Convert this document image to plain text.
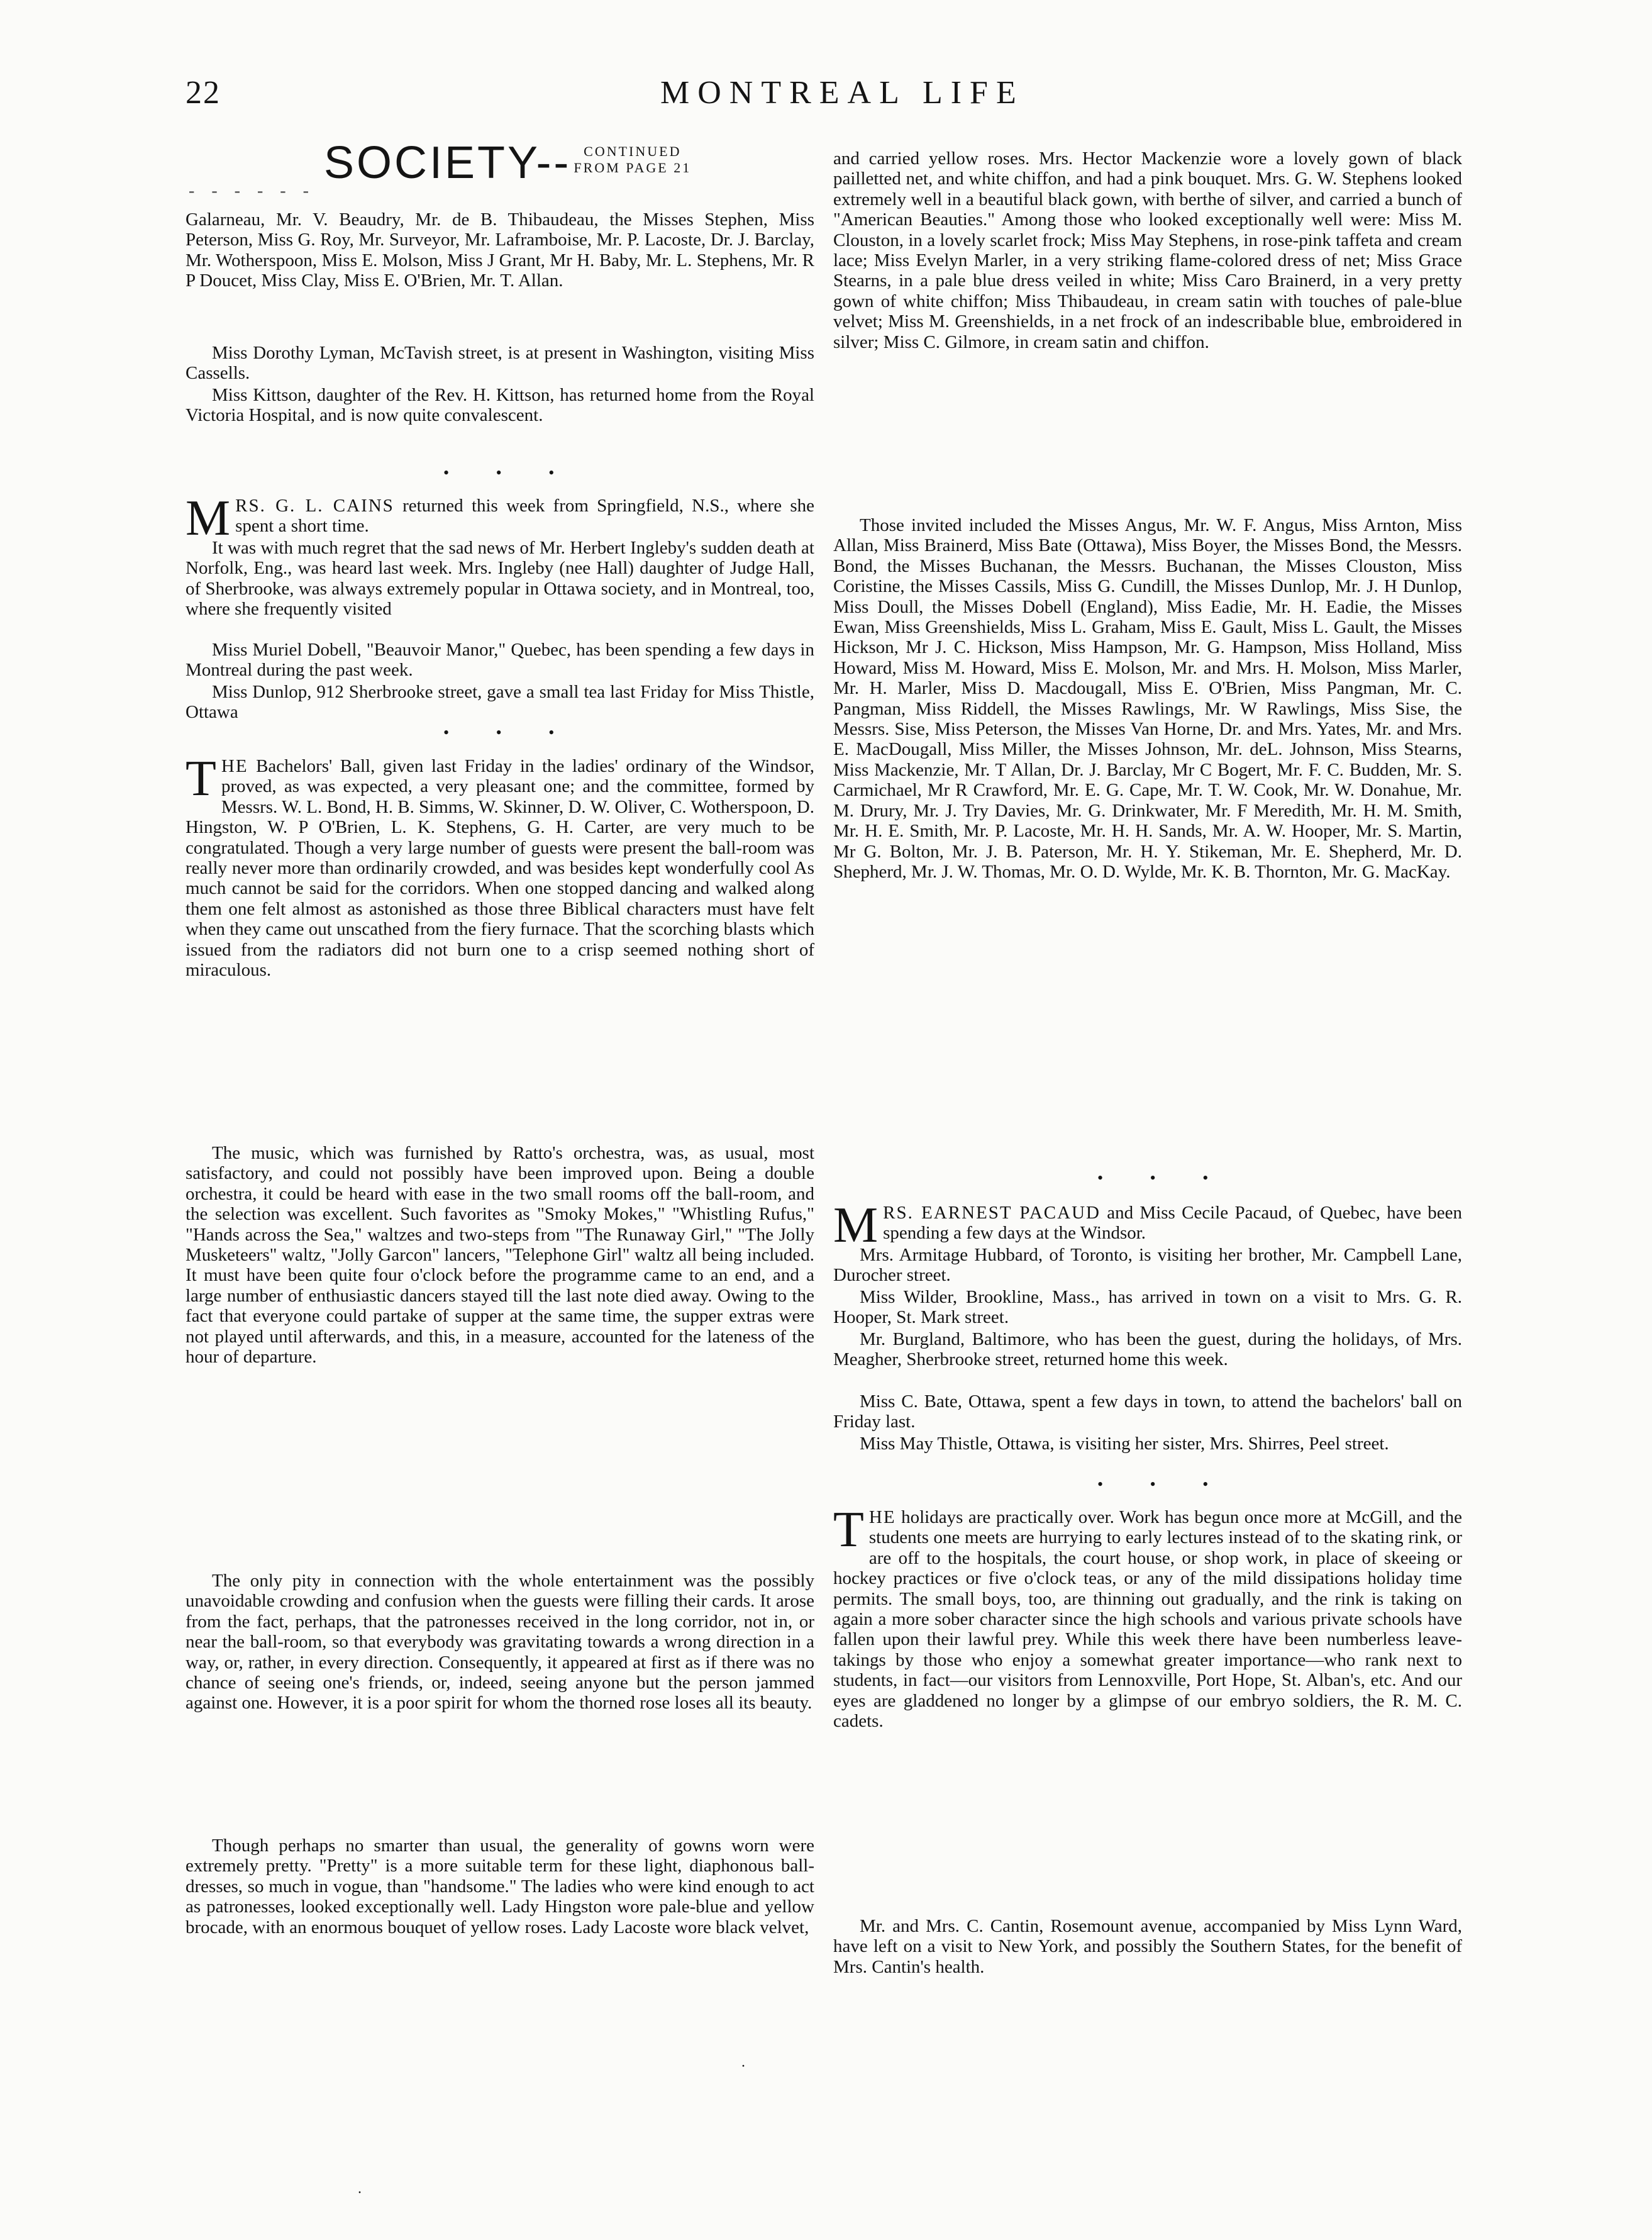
22	MONTREAL LIFE
SOCIETY-- CONTINUED
FROM PAGE 21
- - - - - -

Galarneau, Mr. V. Beaudry, Mr. de B. Thibaudeau, the Misses Stephen, Miss Peterson, Miss G. Roy, Mr. Surveyor, Mr. Laframboise, Mr. P. Lacoste, Dr. J. Barclay, Mr. Wotherspoon, Miss E. Molson, Miss J Grant, Mr H. Baby, Mr. L. Stephens, Mr. R P Doucet, Miss Clay, Miss E. O'Brien, Mr. T. Allan.

Miss Dorothy Lyman, McTavish street, is at present in Washington, visiting Miss Cassells.

Miss Kittson, daughter of the Rev. H. Kittson, has returned home from the Royal Victoria Hospital, and is now quite convalescent.

• • •

MRS. G. L. CAINS returned this week from Springfield, N.S., where she spent a short time.

It was with much regret that the sad news of Mr. Herbert Ingleby's sudden death at Norfolk, Eng., was heard last week. Mrs. Ingleby (nee Hall) daughter of Judge Hall, of Sherbrooke, was always extremely popular in Ottawa society, and in Montreal, too, where she frequently visited

Miss Muriel Dobell, "Beauvoir Manor," Quebec, has been spending a few days in Montreal during the past week.

Miss Dunlop, 912 Sherbrooke street, gave a small tea last Friday for Miss Thistle, Ottawa

• • •

THE Bachelors' Ball, given last Friday in the ladies' ordinary of the Windsor, proved, as was expected, a very pleasant one; and the committee, formed by Messrs. W. L. Bond, H. B. Simms, W. Skinner, D. W. Oliver, C. Wotherspoon, D. Hingston, W. P O'Brien, L. K. Stephens, G. H. Carter, are very much to be congratulated. Though a very large number of guests were present the ball-room was really never more than ordinarily crowded, and was besides kept wonderfully cool As much cannot be said for the corridors. When one stopped dancing and walked along them one felt almost as astonished as those three Biblical characters must have felt when they came out unscathed from the fiery furnace. That the scorching blasts which issued from the radiators did not burn one to a crisp seemed nothing short of miraculous.

The music, which was furnished by Ratto's orchestra, was, as usual, most satisfactory, and could not possibly have been improved upon. Being a double orchestra, it could be heard with ease in the two small rooms off the ball-room, and the selection was excellent. Such favorites as "Smoky Mokes," "Whistling Rufus," "Hands across the Sea," waltzes and two-steps from "The Runaway Girl," "The Jolly Musketeers" waltz, "Jolly Garcon" lancers, "Telephone Girl" waltz all being included. It must have been quite four o'clock before the programme came to an end, and a large number of enthusiastic dancers stayed till the last note died away. Owing to the fact that everyone could partake of supper at the same time, the supper extras were not played until afterwards, and this, in a measure, accounted for the lateness of the hour of departure.

The only pity in connection with the whole entertainment was the possibly unavoidable crowding and confusion when the guests were filling their cards. It arose from the fact, perhaps, that the patronesses received in the long corridor, not in, or near the ball-room, so that everybody was gravitating towards a wrong direction in a way, or, rather, in every direction. Consequently, it appeared at first as if there was no chance of seeing one's friends, or, indeed, seeing anyone but the person jammed against one. However, it is a poor spirit for whom the thorned rose loses all its beauty.

Though perhaps no smarter than usual, the generality of gowns worn were extremely pretty. "Pretty" is a more suitable term for these light, diaphonous ball-dresses, so much in vogue, than "handsome." The ladies who were kind enough to act as patronesses, looked exceptionally well. Lady Hingston wore pale-blue and yellow brocade, with an enormous bouquet of yellow roses. Lady Lacoste wore black velvet,

and carried yellow roses. Mrs. Hector Mackenzie wore a lovely gown of black pailletted net, and white chiffon, and had a pink bouquet. Mrs. G. W. Stephens looked extremely well in a beautiful black gown, with berthe of silver, and carried a bunch of "American Beauties." Among those who looked exceptionally well were: Miss M. Clouston, in a lovely scarlet frock; Miss May Stephens, in rose-pink taffeta and cream lace; Miss Evelyn Marler, in a very striking flame-colored dress of net; Miss Grace Stearns, in a pale blue dress veiled in white; Miss Caro Brainerd, in a very pretty gown of white chiffon; Miss Thibaudeau, in cream satin with touches of pale-blue velvet; Miss M. Greenshields, in a net frock of an indescribable blue, embroidered in silver; Miss C. Gilmore, in cream satin and chiffon.

Those invited included the Misses Angus, Mr. W. F. Angus, Miss Arnton, Miss Allan, Miss Brainerd, Miss Bate (Ottawa), Miss Boyer, the Misses Bond, the Messrs. Bond, the Misses Buchanan, the Messrs. Buchanan, the Misses Clouston, Miss Coristine, the Misses Cassils, Miss G. Cundill, the Misses Dunlop, Mr. J. H Dunlop, Miss Doull, the Misses Dobell (England), Miss Eadie, Mr. H. Eadie, the Misses Ewan, Miss Greenshields, Miss L. Graham, Miss E. Gault, Miss L. Gault, the Misses Hickson, Mr J. C. Hickson, Miss Hampson, Mr. G. Hampson, Miss Holland, Miss Howard, Miss M. Howard, Miss E. Molson, Mr. and Mrs. H. Molson, Miss Marler, Mr. H. Marler, Miss D. Macdougall, Miss E. O'Brien, Miss Pangman, Mr. C. Pangman, Miss Riddell, the Misses Rawlings, Mr. W Rawlings, Miss Sise, the Messrs. Sise, Miss Peterson, the Misses Van Horne, Dr. and Mrs. Yates, Mr. and Mrs. E. MacDougall, Miss Miller, the Misses Johnson, Mr. deL. Johnson, Miss Stearns, Miss Mackenzie, Mr. T Allan, Dr. J. Barclay, Mr C Bogert, Mr. F. C. Budden, Mr. S. Carmichael, Mr R Crawford, Mr. E. G. Cape, Mr. T. W. Cook, Mr. W. Donahue, Mr. M. Drury, Mr. J. Try Davies, Mr. G. Drinkwater, Mr. F Meredith, Mr. H. M. Smith, Mr. H. E. Smith, Mr. P. Lacoste, Mr. H. H. Sands, Mr. A. W. Hooper, Mr. S. Martin, Mr G. Bolton, Mr. J. B. Paterson, Mr. H. Y. Stikeman, Mr. E. Shepherd, Mr. D. Shepherd, Mr. J. W. Thomas, Mr. O. D. Wylde, Mr. K. B. Thornton, Mr. G. MacKay.

• • •

MRS. EARNEST PACAUD and Miss Cecile Pacaud, of Quebec, have been spending a few days at the Windsor.

Mrs. Armitage Hubbard, of Toronto, is visiting her brother, Mr. Campbell Lane, Durocher street.

Miss Wilder, Brookline, Mass., has arrived in town on a visit to Mrs. G. R. Hooper, St. Mark street.

Mr. Burgland, Baltimore, who has been the guest, during the holidays, of Mrs. Meagher, Sherbrooke street, returned home this week.

Miss C. Bate, Ottawa, spent a few days in town, to attend the bachelors' ball on Friday last.

Miss May Thistle, Ottawa, is visiting her sister, Mrs. Shirres, Peel street.

• • •

THE holidays are practically over. Work has begun once more at McGill, and the students one meets are hurrying to early lectures instead of to the skating rink, or are off to the hospitals, the court house, or shop work, in place of skeeing or hockey practices or five o'clock teas, or any of the mild dissipations holiday time permits. The small boys, too, are thinning out gradually, and the rink is taking on again a more sober character since the high schools and various private schools have fallen upon their lawful prey. While this week there have been numberless leave-takings by those who enjoy a somewhat greater importance—who rank next to students, in fact—our visitors from Lennoxville, Port Hope, St. Alban's, etc. And our eyes are gladdened no longer by a glimpse of our embryo soldiers, the R. M. C. cadets.

Mr. and Mrs. C. Cantin, Rosemount avenue, accompanied by Miss Lynn Ward, have left on a visit to New York, and possibly the Southern States, for the benefit of Mrs. Cantin's health.

·
·
